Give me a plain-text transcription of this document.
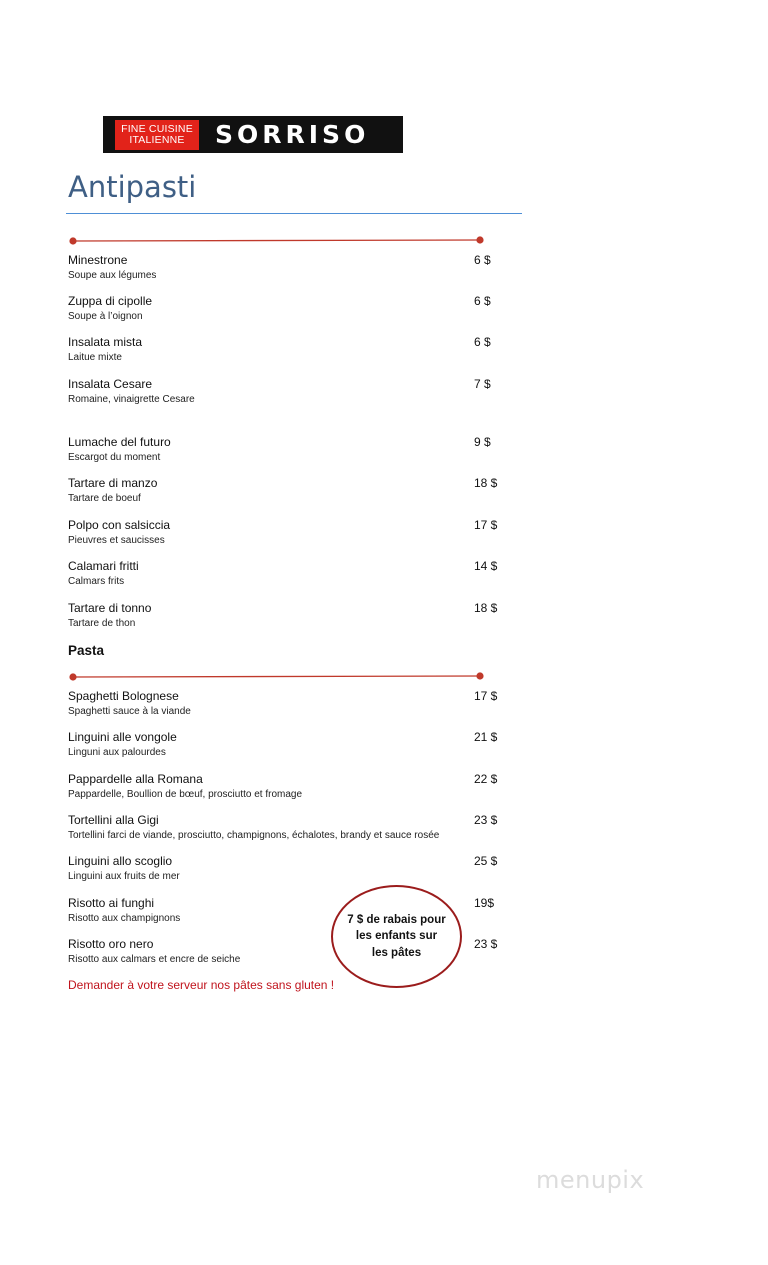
FINE CUISINE
ITALIENNE SORRISO
Antipasti
Minestrone
Soupe aux légumes
6 $
Zuppa di cipolle
Soupe à l’oignon
6 $
Insalata mista
Laitue mixte
6 $
Insalata Cesare
Romaine, vinaigrette Cesare
7 $
Lumache del futuro
Escargot du moment
9 $
Tartare di manzo
Tartare de boeuf
18 $
Polpo con salsiccia
Pieuvres et saucisses
17 $
Calamari fritti
Calmars frits
14 $
Tartare di tonno
Tartare de thon
18 $
Pasta
Spaghetti Bolognese
Spaghetti sauce à la viande
17 $
Linguini alle vongole
Linguni aux palourdes
21 $
Pappardelle alla Romana
Pappardelle, Boullion de bœuf, prosciutto et fromage
22 $
Tortellini alla Gigi
Tortellini farci de viande, prosciutto, champignons, échalotes, brandy et sauce rosée
23 $
Linguini allo scoglio
Linguini aux fruits de mer
25 $
Risotto ai funghi
Risotto aux champignons
19$
Risotto oro nero
Risotto aux calmars et encre de seiche
23 $
Demander à votre serveur nos pâtes sans gluten !
7 $ de rabais pour les enfants sur les pâtes
menupix
